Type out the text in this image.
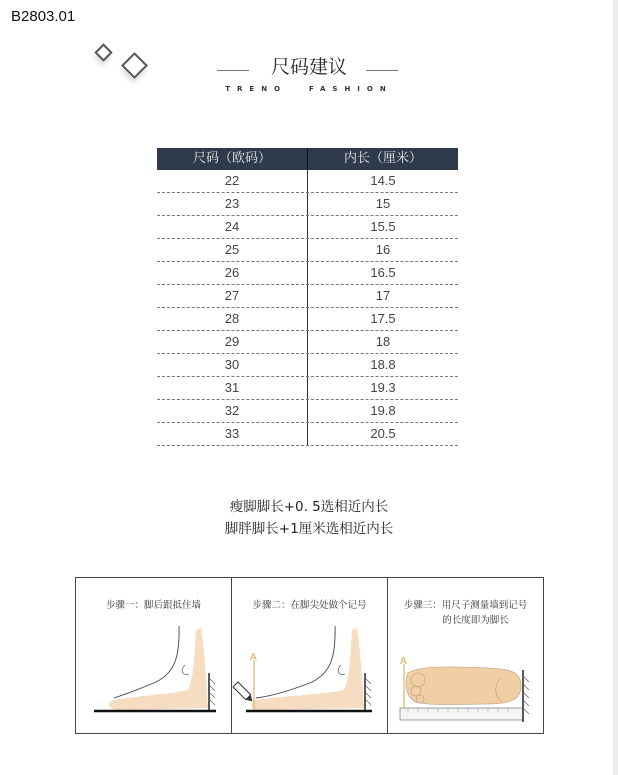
B2803.01
尺码建议
TRENO	FASHION
尺码（欧码）	内长（厘米）
22	14.5
23	15
24	15.5
25	16
26	16.5
27	17
28	17.5
29	18
30	18.8
31	19.3
32	19.8
33	20.5
瘦脚脚长+0. 5选相近内长
脚胖脚长+1厘米选相近内长
步骤一：脚后跟抵住墙
A
步骤二：在脚尖处做个记号
A
步骤三：用尺子测量墙到记号
的长度即为脚长
